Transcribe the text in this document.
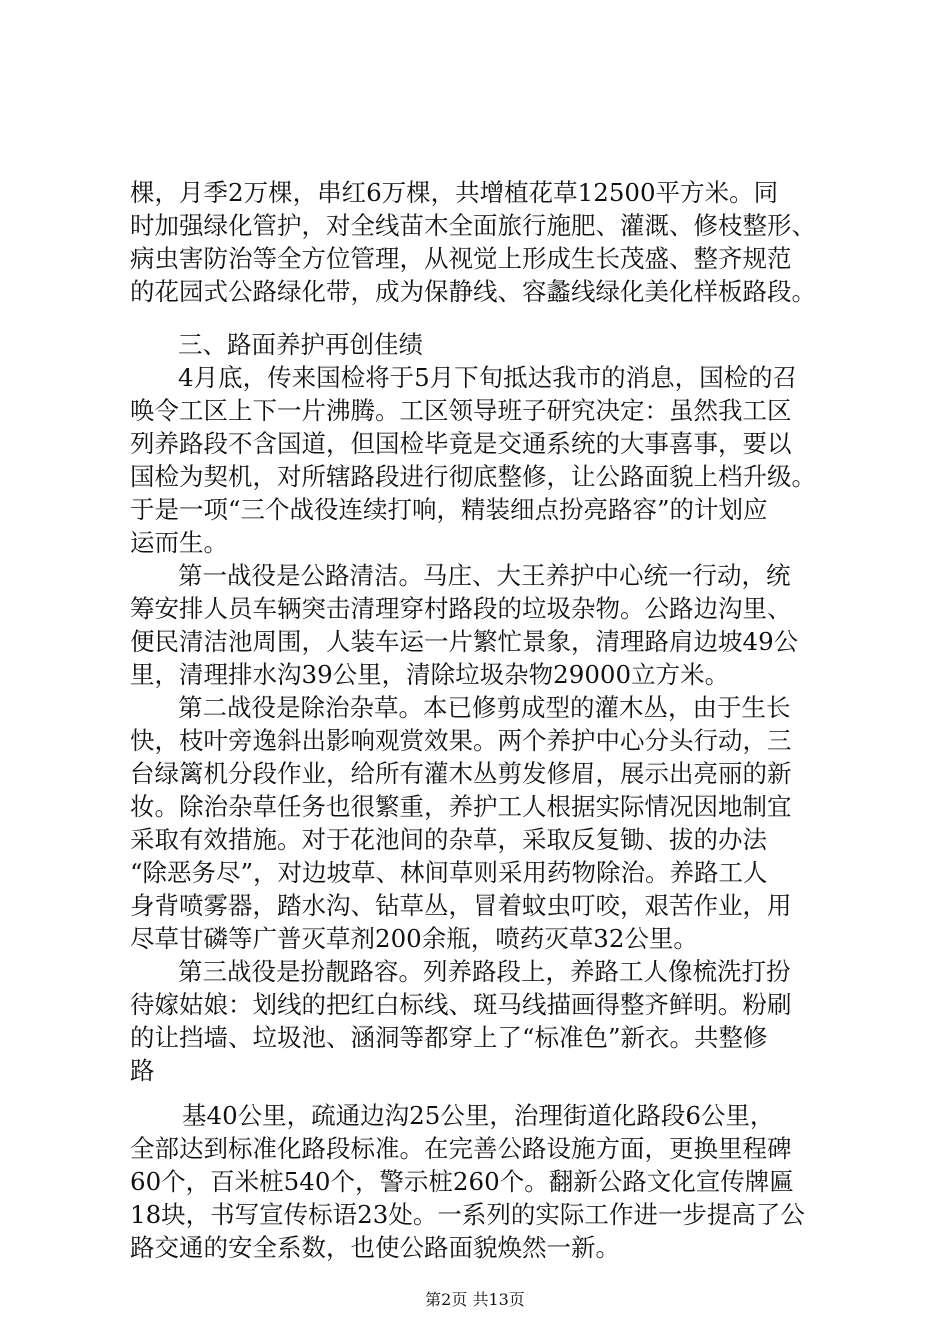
棵，月季2万棵，串红6万棵，共增植花草12500平方米。同
时加强绿化管护，对全线苗木全面旅行施肥、灌溉、修枝整形、
病虫害防治等全方位管理，从视觉上形成生长茂盛、整齐规范
的花园式公路绿化带，成为保静线、容蠡线绿化美化样板路段。
三、路面养护再创佳绩
4月底，传来国检将于5月下旬抵达我市的消息，国检的召
唤令工区上下一片沸腾。工区领导班子研究决定：虽然我工区
列养路段不含国道，但国检毕竟是交通系统的大事喜事，要以
国检为契机，对所辖路段进行彻底整修，让公路面貌上档升级。
于是一项“三个战役连续打响，精装细点扮亮路容”的计划应
运而生。
第一战役是公路清洁。马庄、大王养护中心统一行动，统
筹安排人员车辆突击清理穿村路段的垃圾杂物。公路边沟里、
便民清洁池周围，人装车运一片繁忙景象，清理路肩边坡49公
里，清理排水沟39公里，清除垃圾杂物29000立方米。
第二战役是除治杂草。本已修剪成型的灌木丛，由于生长
快，枝叶旁逸斜出影响观赏效果。两个养护中心分头行动，三
台绿篱机分段作业，给所有灌木丛剪发修眉，展示出亮丽的新
妆。除治杂草任务也很繁重，养护工人根据实际情况因地制宜
采取有效措施。对于花池间的杂草，采取反复锄、拔的办法
“除恶务尽”，对边坡草、林间草则采用药物除治。养路工人
身背喷雾器，踏水沟、钻草丛，冒着蚊虫叮咬，艰苦作业，用
尽草甘磷等广普灭草剂200余瓶，喷药灭草32公里。
第三战役是扮靓路容。列养路段上，养路工人像梳洗打扮
待嫁姑娘：划线的把红白标线、斑马线描画得整齐鲜明。粉刷
的让挡墙、垃圾池、涵洞等都穿上了“标准色”新衣。共整修
路
基40公里，疏通边沟25公里，治理街道化路段6公里，
全部达到标准化路段标准。在完善公路设施方面，更换里程碑
60个，百米桩540个，警示桩260个。翻新公路文化宣传牌匾
18块，书写宣传标语23处。一系列的实际工作进一步提高了公
路交通的安全系数，也使公路面貌焕然一新。
第2页 共13页
